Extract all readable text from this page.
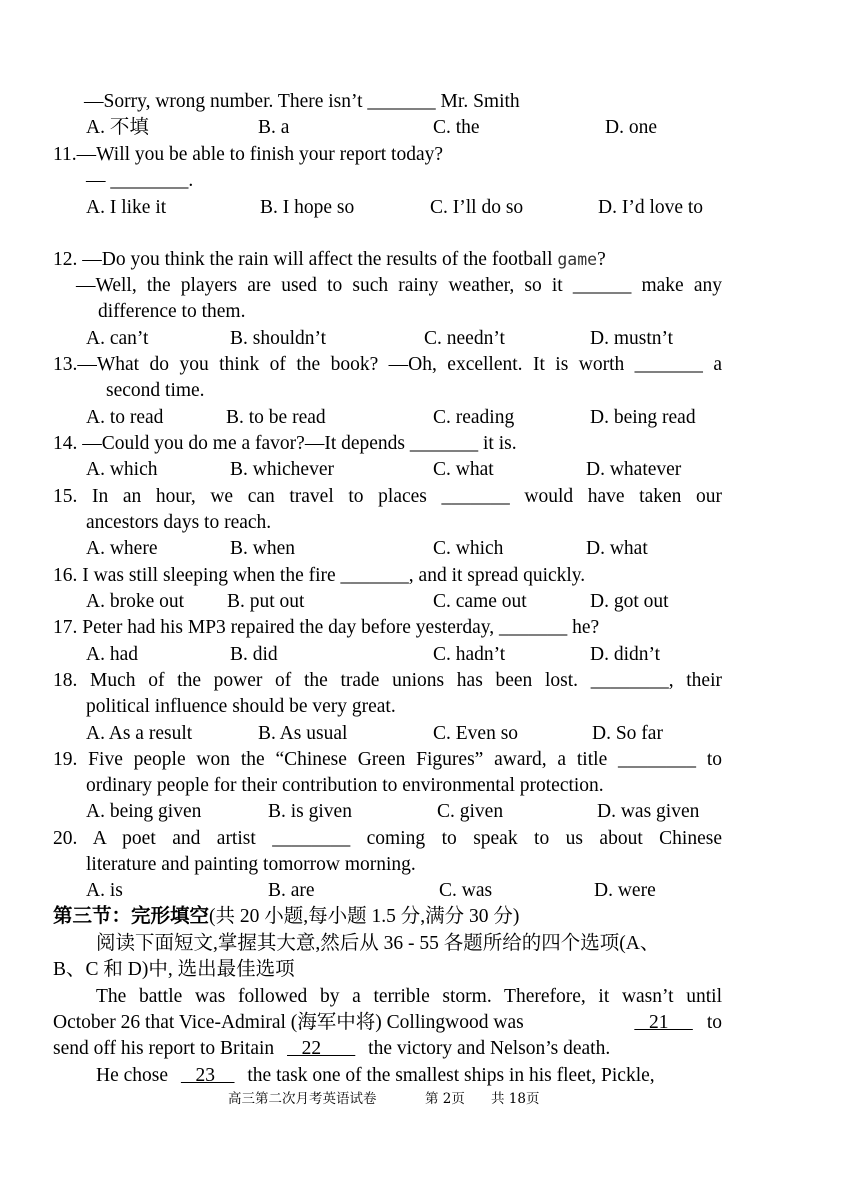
—Sorry, wrong number. There isn’t _______ Mr. Smith
A. 不填	B. a	C. the	D. one
11.—Will you be able to finish your report today?
— ________.
A. I like it	B. I hope so	C. I’ll do so	D. I’d love to
12. —Do you think the rain will affect the results of the football game?
—Well, the players are used to such rainy weather, so it ______ make any
difference to them.
A. can’t	B. shouldn’t	C. needn’t	D. mustn’t
13.—What do you think of the book? —Oh, excellent. It is worth _______ a
second time.
A. to read	B. to be read	C. reading	D. being read
14. —Could you do me a favor?—It depends _______ it is.
A. which	B. whichever	C. what	D. whatever
15. In an hour, we can travel to places _______ would have taken our
ancestors days to reach.
A. where	B. when	C. which	D. what
16. I was still sleeping when the fire _______, and it spread quickly.
A. broke out B. put out	C. came out	D. got out
17. Peter had his MP3 repaired the day before yesterday, _______ he?
A. had	B. did	C. hadn’t	D. didn’t
18. Much of the power of the trade unions has been lost. ________, their
political influence should be very great.
A. As a result	B. As usual	C. Even so	D. So far
19. Five people won the “Chinese Green Figures” award, a title ________ to
ordinary people for their contribution to environmental protection.
A. being given	B. is given	C. given	D. was given
20. A poet and artist ________ coming to speak to us about Chinese
literature and painting tomorrow morning.
A. is	B. are	C. was	D. were
第三节：完形填空(共 20 小题,每小题 1.5 分,满分 30 分)
阅读下面短文,掌握其大意,然后从 36 - 55 各题所给的四个选项(A、
B、C 和 D)中, 选出最佳选项
The battle was followed by a terrible storm. Therefore, it wasn’t until
October 26 that Vice-Admiral (海军中将) Collingwood was	21 to
send off his report to Britain    22        the victory and Nelson’s death.
He chose    23     the task one of the smallest ships in his fleet, Pickle,
高三第二次月考英语试卷	第 2页 共 18页
